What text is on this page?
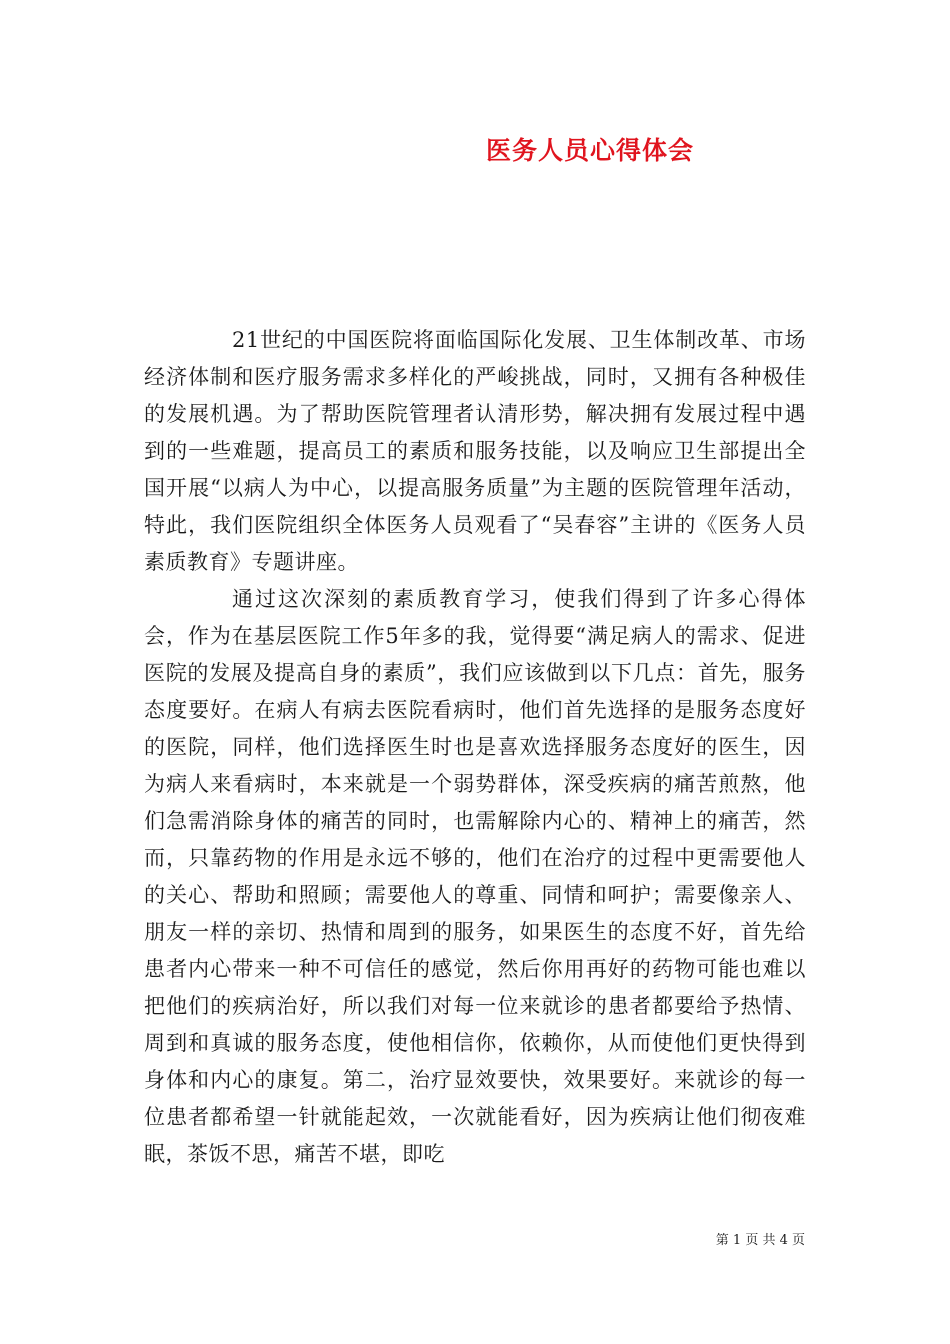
医务人员心得体会

21世纪的中国医院将面临国际化发展、卫生体制改革、市场经济体制和医疗服务需求多样化的严峻挑战，同时，又拥有各种极佳的发展机遇。为了帮助医院管理者认清形势，解决拥有发展过程中遇到的一些难题，提高员工的素质和服务技能，以及响应卫生部提出全国开展“以病人为中心，以提高服务质量”为主题的医院管理年活动，特此，我们医院组织全体医务人员观看了“吴春容”主讲的《医务人员素质教育》专题讲座。

通过这次深刻的素质教育学习，使我们得到了许多心得体会，作为在基层医院工作5年多的我，觉得要“满足病人的需求、促进医院的发展及提高自身的素质”，我们应该做到以下几点：首先，服务态度要好。在病人有病去医院看病时，他们首先选择的是服务态度好的医院，同样，他们选择医生时也是喜欢选择服务态度好的医生，因为病人来看病时，本来就是一个弱势群体，深受疾病的痛苦煎熬，他们急需消除身体的痛苦的同时，也需解除内心的、精神上的痛苦，然而，只靠药物的作用是永远不够的，他们在治疗的过程中更需要他人的关心、帮助和照顾；需要他人的尊重、同情和呵护；需要像亲人、朋友一样的亲切、热情和周到的服务，如果医生的态度不好，首先给患者内心带来一种不可信任的感觉，然后你用再好的药物可能也难以把他们的疾病治好，所以我们对每一位来就诊的患者都要给予热情、周到和真诚的服务态度，使他相信你，依赖你，从而使他们更快得到身体和内心的康复。第二，治疗显效要快，效果要好。来就诊的每一位患者都希望一针就能起效，一次就能看好，因为疾病让他们彻夜难眠，茶饭不思，痛苦不堪，即吃

第 1 页 共 4 页
